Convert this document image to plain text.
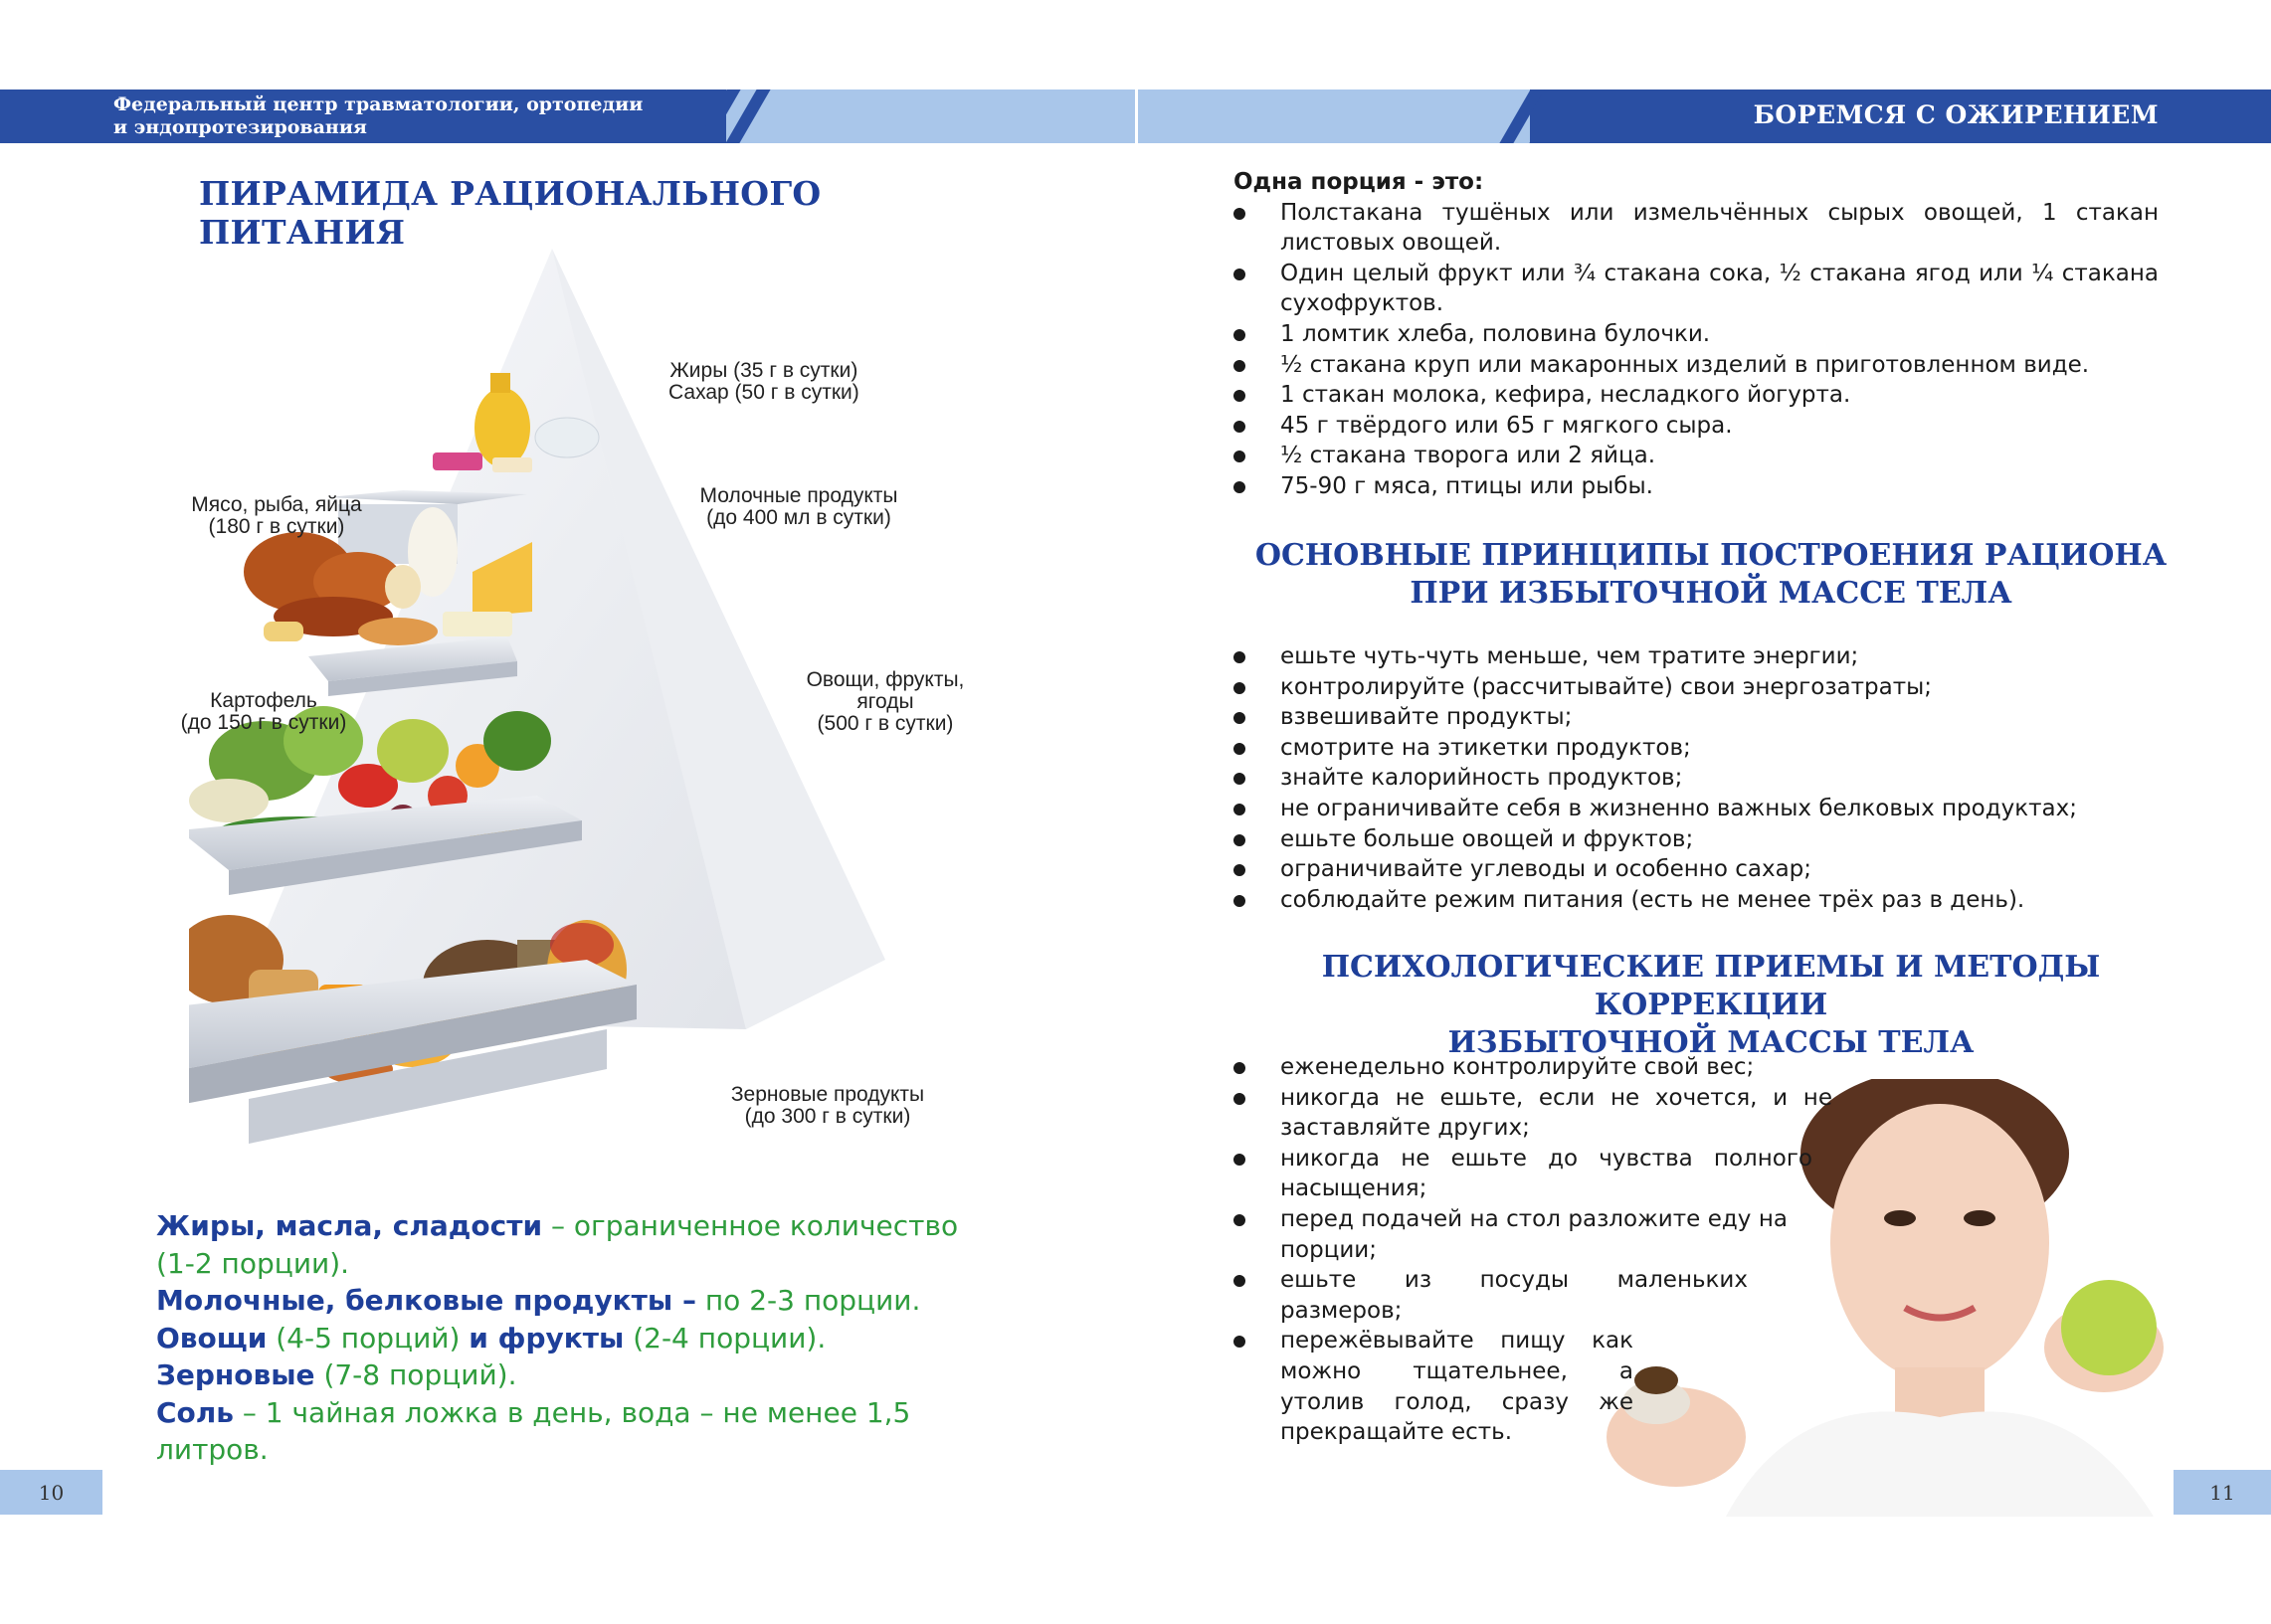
Федеральный центр травматологии, ортопедии
и эндопротезирования	БОРЕМСЯ С ОЖИРЕНИЕМ
ПИРАМИДА РАЦИОНАЛЬНОГО ПИТАНИЯ
Жиры (35 г в сутки)
Сахар (50 г в сутки)
Мясо, рыба, яйца
(180 г в сутки)
Молочные продукты
(до 400 мл в сутки)
Картофель
(до 150 г в сутки)
Овощи, фрукты,
ягоды
(500 г в сутки)
Зерновые продукты
(до 300 г в сутки)
Жиры, масла, сладости – ограниченное количество
(1-2 порции).
Молочные, белковые продукты – по 2-3 порции.
Овощи (4-5 порций) и фрукты (2-4 порции).
Зерновые (7-8 порций).
Соль – 1 чайная ложка в день, вода – не менее 1,5 литров.
10
Одна порция - это:
Полстакана тушёных или измельчённых сырых овощей, 1 стакан листовых овощей.
Один целый фрукт или ¾ стакана сока, ½ стакана ягод или ¼ стакана сухофруктов.
1 ломтик хлеба, половина булочки.
½ стакана круп или макаронных изделий в приготовленном виде.
1 стакан молока, кефира, несладкого йогурта.
45 г твёрдого или 65 г мягкого сыра.
½ стакана творога или 2 яйца.
75-90 г мяса, птицы или рыбы.
ОСНОВНЫЕ ПРИНЦИПЫ ПОСТРОЕНИЯ РАЦИОНА
ПРИ ИЗБЫТОЧНОЙ МАССЕ ТЕЛА
ешьте чуть-чуть меньше, чем тратите энергии;
контролируйте (рассчитывайте) свои энергозатраты;
взвешивайте продукты;
смотрите на этикетки продуктов;
знайте калорийность продуктов;
не ограничивайте себя в жизненно важных белковых продуктах;
ешьте больше овощей и фруктов;
ограничивайте углеводы и особенно сахар;
соблюдайте режим питания (есть не менее трёх раз в день).
ПСИХОЛОГИЧЕСКИЕ ПРИЕМЫ И МЕТОДЫ КОРРЕКЦИИ
ИЗБЫТОЧНОЙ МАССЫ ТЕЛА
еженедельно контролируйте свой вес;
никогда не ешьте, если не хочется, и не заставляйте других;
никогда не ешьте до чувства полного насыщения;
перед подачей на стол разложите еду на порции;
ешьте из посуды маленьких размеров;
пережёвывайте пищу как можно тщательнее, а утолив голод, сразу же прекращайте есть.
11
